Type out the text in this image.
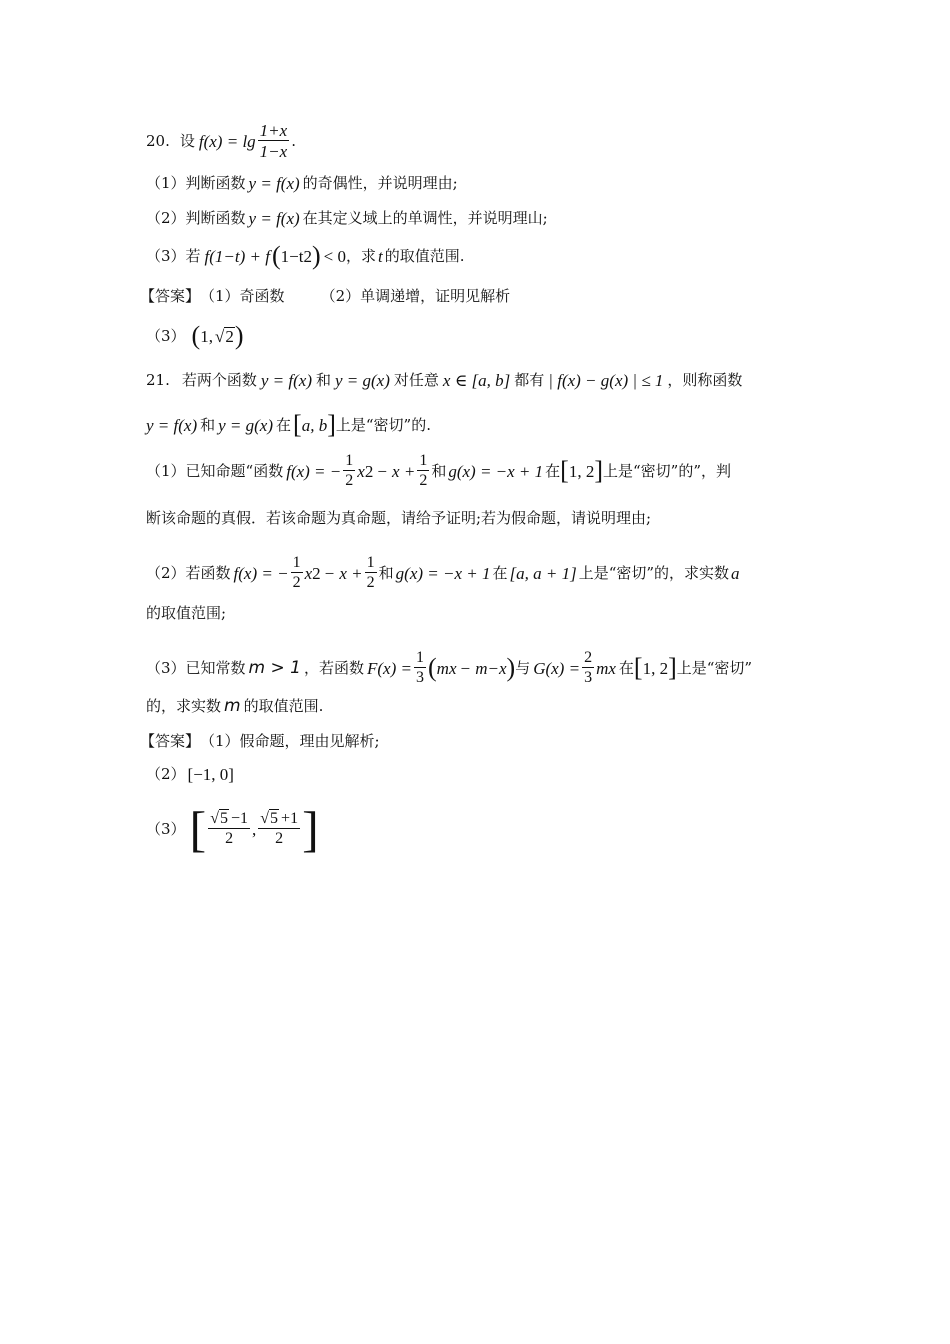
20. 设 $f(x) = \lg \frac{1+x}{1-x}$ .
（1）判断函数 y = f(x) 的奇偶性，并说明理由;
（2）判断函数 y = f(x) 在其定义域上的单调性，并说明理山;
（3）若 f(1−t) + f ( 1−t 2 ) < 0 ，求 t 的取值范围.
【答案】 （1）奇函数 （2）单调递增，证明见解析
（3） ( 1, √ 2 )
21. 若两个函数 y = f(x) 和 y = g(x) 对任意 x ∈ [a, b] 都有 | f(x) − g(x) | ≤ 1 ，则称函数
y = f(x) 和 y = g(x) 在 [ a, b ] 上是“密切”的.
（1）已知命题“函数 f(x) = − $\frac{1}{2}$ x $2 - x + \frac{1}{2}$ 和 g(x) = −x + 1 在 [ 1, 2 ] 上是“密切”的”，判
断该命题的真假．若该命题为真命题，请给予证明;若为假命题，请说明理由;
（2）若函数 f(x) = − $\frac{1}{2}$ x $2 - x + \frac{1}{2}$ 和 g(x) = −x + 1 在 [a, a + 1] 上是“密切”的，求实数 a
的取值范围;
（3）已知常数 m > 1 ，若函数 $F(x) = \frac{1}{3}$ ( m x − m −x ) 与 $G(x) = \frac{2}{3}$ m x 在 [ 1, 2 ] 上是“密切”
的，求实数 m 的取值范围.
【答案】 （1）假命题，理由见解析;
（2） [−1, 0]
（3） [ $\frac{√5 -1}{2}$ , $\frac{√5 +1}{2}$ ]
